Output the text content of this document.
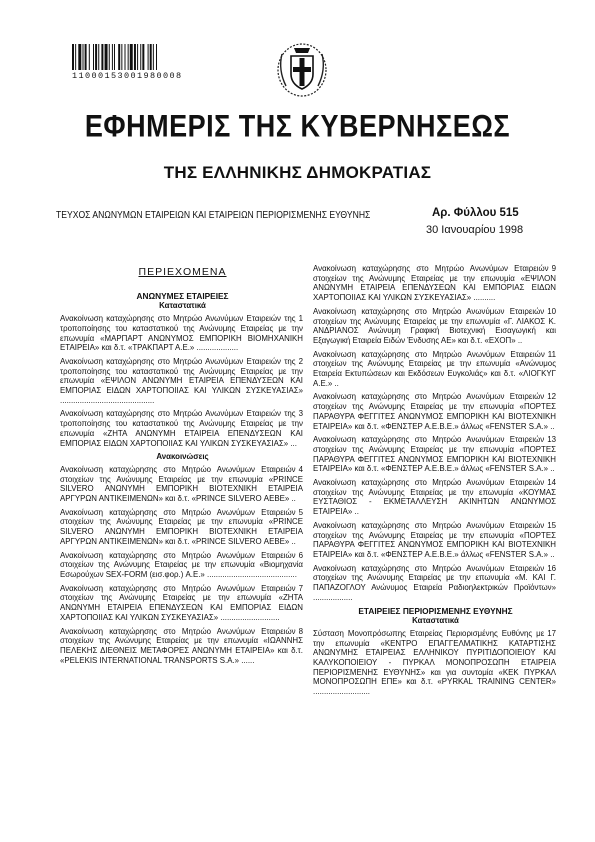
11000153001980008
ΕΦΗΜΕΡΙΣ ΤΗΣ ΚΥΒΕΡΝΗΣΕΩΣ
ΤΗΣ ΕΛΛΗΝΙΚΗΣ ΔΗΜΟΚΡΑΤΙΑΣ
ΤΕΥΧΟΣ ΑΝΩΝΥΜΩΝ ΕΤΑΙΡΕΙΩΝ ΚΑΙ ΕΤΑΙΡΕΙΩΝ ΠΕΡΙΟΡΙΣΜΕΝΗΣ ΕΥΘΥΝΗΣ	Αρ. Φύλλου 515
30 Ιανουαρίου 1998
ΠΕΡΙΕΧΟΜΕΝΑ
ΑΝΩΝΥΜΕΣ ΕΤΑΙΡΕΙΕΣ
Καταστατικά
1
Ανακοίνωση καταχώρησης στο Μητρώο Ανωνύμων Εταιρειών της τροποποίησης του καταστατικού της Ανώνυμης Εταιρείας με την επωνυμία «ΜΑΡΠΑΡΤ ΑΝΩΝΥΜΟΣ ΕΜΠΟΡΙΚΗ ΒΙΟΜΗΧΑΝΙΚΗ ΕΤΑΙΡΕΙΑ» και δ.τ. «ΤΡΑΚΠΑΡΤ Α.Ε.» ...................
2
Ανακοίνωση καταχώρησης στο Μητρώο Ανωνύμων Εταιρειών της τροποποίησης του καταστατικού της Ανώνυμης Εταιρείας με την επωνυμία «ΕΨΙΛΟΝ ΑΝΩΝΥΜΗ ΕΤΑΙΡΕΙΑ ΕΠΕΝΔΥΣΕΩΝ ΚΑΙ ΕΜΠΟΡΙΑΣ ΕΙΔΩΝ ΧΑΡΤΟΠΟΙΙΑΣ ΚΑΙ ΥΛΙΚΩΝ ΣΥΣΚΕΥΑΣΙΑΣ» ...........................................
3
Ανακοίνωση καταχώρησης στο Μητρώο Ανωνύμων Εταιρειών της τροποποίησης του καταστατικού της Ανώνυμης Εταιρείας με την επωνυμία «ΖΗΤΑ ΑΝΩΝΥΜΗ ΕΤΑΙΡΕΙΑ ΕΠΕΝΔΥΣΕΩΝ ΚΑΙ ΕΜΠΟΡΙΑΣ ΕΙΔΩΝ ΧΑΡΤΟΠΟΙΙΑΣ ΚΑΙ ΥΛΙΚΩΝ ΣΥΣΚΕΥΑΣΙΑΣ» ...
Ανακοινώσεις
4
Ανακοίνωση καταχώρησης στο Μητρώο Ανωνύμων Εταιρειών στοιχείων της Ανώνυμης Εταιρείας με την επωνυμία «PRINCE SILVERO ΑΝΩΝΥΜΗ ΕΜΠΟΡΙΚΗ ΒΙΟΤΕΧΝΙΚΗ ΕΤΑΙΡΕΙΑ ΑΡΓΥΡΩΝ ΑΝΤΙΚΕΙΜΕΝΩΝ» και δ.τ. «PRINCE SILVERO ΑΕΒΕ» ..
5
Ανακοίνωση καταχώρησης στο Μητρώο Ανωνύμων Εταιρειών στοιχείων της Ανώνυμης Εταιρείας με την επωνυμία «PRINCE SILVERO ΑΝΩΝΥΜΗ ΕΜΠΟΡΙΚΗ ΒΙΟΤΕΧΝΙΚΗ ΕΤΑΙΡΕΙΑ ΑΡΓΥΡΩΝ ΑΝΤΙΚΕΙΜΕΝΩΝ» και δ.τ. «PRINCE SILVERO ΑΕΒΕ» ..
6
Ανακοίνωση καταχώρησης στο Μητρώο Ανωνύμων Εταιρειών στοιχείων της Ανώνυμης Εταιρείας με την επωνυμία «Βιομηχανία Εσωρούχων SEX-FORM (εισ.φορ.) Α.Ε.» .........................................
7
Ανακοίνωση καταχώρησης στο Μητρώο Ανωνύμων Εταιρειών στοιχείων της Ανώνυμης Εταιρείας με την επωνυμία «ΖΗΤΑ ΑΝΩΝΥΜΗ ΕΤΑΙΡΕΙΑ ΕΠΕΝΔΥΣΕΩΝ ΚΑΙ ΕΜΠΟΡΙΑΣ ΕΙΔΩΝ ΧΑΡΤΟΠΟΙΙΑΣ ΚΑΙ ΥΛΙΚΩΝ ΣΥΣΚΕΥΑΣΙΑΣ» ...........................
8
Ανακοίνωση καταχώρησης στο Μητρώο Ανωνύμων Εταιρειών στοιχείων της Ανώνυμης Εταιρείας με την επωνυμία «ΙΩΑΝΝΗΣ ΠΕΛΕΚΗΣ ΔΙΕΘΝΕΙΣ ΜΕΤΑΦΟΡΕΣ ΑΝΩΝΥΜΗ ΕΤΑΙΡΕΙΑ» και δ.τ. «PELEKIS INTERNATIONAL TRANSPORTS S.A.» ......
9
Ανακοίνωση καταχώρησης στο Μητρώο Ανωνύμων Εταιρειών στοιχείων της Ανώνυμης Εταιρείας με την επωνυμία «ΕΨΙΛΟΝ ΑΝΩΝΥΜΗ ΕΤΑΙΡΕΙΑ ΕΠΕΝΔΥΣΕΩΝ ΚΑΙ ΕΜΠΟΡΙΑΣ ΕΙΔΩΝ ΧΑΡΤΟΠΟΙΙΑΣ ΚΑΙ ΥΛΙΚΩΝ ΣΥΣΚΕΥΑΣΙΑΣ» ..........
10
Ανακοίνωση καταχώρησης στο Μητρώο Ανωνύμων Εταιρειών στοιχείων της Ανώνυμης Εταιρείας με την επωνυμία «Γ. ΛΙΑΚΟΣ Κ. ΑΝΔΡΙΑΝΟΣ Ανώνυμη Γραφική Βιοτεχνική Εισαγωγική και Εξαγωγική Εταιρεία Ειδών Ένδυσης ΑΕ» και δ.τ. «ΕΧΟΠ» ..
11
Ανακοίνωση καταχώρησης στο Μητρώο Ανωνύμων Εταιρειών στοιχείων της Ανώνυμης Εταιρείας με την επωνυμία «Ανώνυμος Εταιρεία Εκτυπώσεων και Εκδόσεων Ευγκολιάς» και δ.τ. «ΛΙΟΓΚΥΓ Α.Ε.» ..
12
Ανακοίνωση καταχώρησης στο Μητρώο Ανωνύμων Εταιρειών στοιχείων της Ανώνυμης Εταιρείας με την επωνυμία «ΠΟΡΤΕΣ ΠΑΡΑΘΥΡΑ ΦΕΓΓΙΤΕΣ ΑΝΩΝΥΜΟΣ ΕΜΠΟΡΙΚΗ ΚΑΙ ΒΙΟΤΕΧΝΙΚΗ ΕΤΑΙΡΕΙΑ» και δ.τ. «ΦΕΝΣΤΕΡ Α.Ε.Β.Ε.» άλλως «FENSTER S.A.» ..
13
Ανακοίνωση καταχώρησης στο Μητρώο Ανωνύμων Εταιρειών στοιχείων της Ανώνυμης Εταιρείας με την επωνυμία «ΠΟΡΤΕΣ ΠΑΡΑΘΥΡΑ ΦΕΓΓΙΤΕΣ ΑΝΩΝΥΜΟΣ ΕΜΠΟΡΙΚΗ ΚΑΙ ΒΙΟΤΕΧΝΙΚΗ ΕΤΑΙΡΕΙΑ» και δ.τ. «ΦΕΝΣΤΕΡ Α.Ε.Β.Ε.» άλλως «FENSTER S.A.» ..
14
Ανακοίνωση καταχώρησης στο Μητρώο Ανωνύμων Εταιρειών στοιχείων της Ανώνυμης Εταιρείας με την επωνυμία «ΚΟΥΜΑΣ ΕΥΣΤΑΘΙΟΣ - ΕΚΜΕΤΑΛΛΕΥΣΗ ΑΚΙΝΗΤΩΝ ΑΝΩΝΥΜΟΣ ΕΤΑΙΡΕΙΑ» ..
15
Ανακοίνωση καταχώρησης στο Μητρώο Ανωνύμων Εταιρειών στοιχείων της Ανώνυμης Εταιρείας με την επωνυμία «ΠΟΡΤΕΣ ΠΑΡΑΘΥΡΑ ΦΕΓΓΙΤΕΣ ΑΝΩΝΥΜΟΣ ΕΜΠΟΡΙΚΗ ΚΑΙ ΒΙΟΤΕΧΝΙΚΗ ΕΤΑΙΡΕΙΑ» και δ.τ. «ΦΕΝΣΤΕΡ Α.Ε.Β.Ε.» άλλως «FENSTER S.A.» ..
16
Ανακοίνωση καταχώρησης στο Μητρώο Ανωνύμων Εταιρειών στοιχείων της Ανώνυμης Εταιρείας με την επωνυμία «Μ. ΚΑΙ Γ. ΠΑΠΑΖΟΓΛΟΥ Ανώνυμος Εταιρεία Ραδιοηλεκτρικών Προϊόντων» ..................
ΕΤΑΙΡΕΙΕΣ ΠΕΡΙΟΡΙΣΜΕΝΗΣ ΕΥΘΥΝΗΣ
Καταστατικά
17
Σύσταση Μονοπρόσωπης Εταιρείας Περιορισμένης Ευθύνης με την επωνυμία «ΚΕΝΤΡΟ ΕΠΑΓΓΕΛΜΑΤΙΚΗΣ ΚΑΤΑΡΤΙΣΗΣ ΑΝΩΝΥΜΗΣ ΕΤΑΙΡΕΙΑΣ ΕΛΛΗΝΙΚΟΥ ΠΥΡΙΤΙΔΟΠΟΙΕΙΟΥ ΚΑΙ ΚΑΛΥΚΟΠΟΙΕΙΟΥ - ΠΥΡΚΑΛ ΜΟΝΟΠΡΟΣΩΠΗ ΕΤΑΙΡΕΙΑ ΠΕΡΙΟΡΙΣΜΕΝΗΣ ΕΥΘΥΝΗΣ» και για συντομία «ΚΕΚ ΠΥΡΚΑΛ ΜΟΝΟΠΡΟΣΩΠΗ ΕΠΕ» και δ.τ. «PYRKAL TRAINING CENTER» ..........................
